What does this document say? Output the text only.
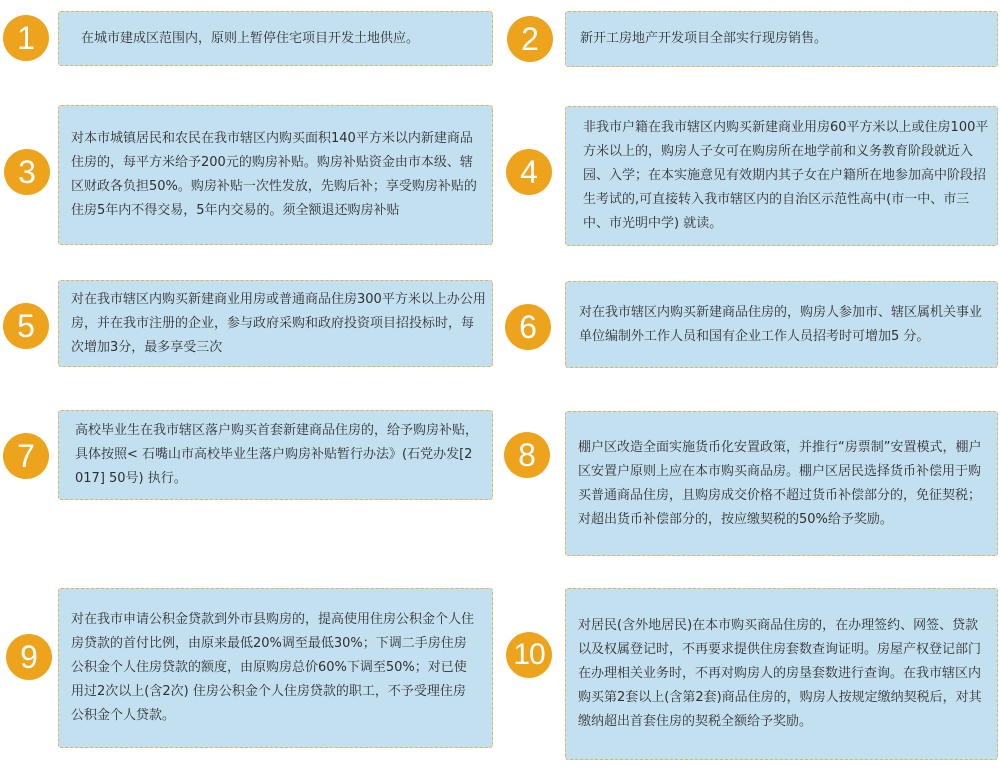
1	在城市建成区范围内，原则上暂停住宅项目开发土地供应。	2	新开工房地产开发项目全部实行现房销售。
3
对本市城镇居民和农民在我市辖区内购买面积140平方米以内新建商品住房的，每平方米给予200元的购房补贴。购房补贴资金由市本级、辖区财政各负担50%。购房补贴一次性发放，先购后补；享受购房补贴的住房5年内不得交易，5年内交易的。须全额退还购房补贴
4
非我市户籍在我市辖区内购买新建商业用房60平方米以上或住房100平方米以上的，购房人子女可在购房所在地学前和义务教育阶段就近入园、入学；在本实施意见有效期内其子女在户籍所在地参加高中阶段招生考试的,可直接转入我市辖区内的自治区示范性高中(市一中、市三中、市光明中学) 就读。
5
对在我市辖区内购买新建商业用房或普通商品住房300平方米以上办公用房，并在我市注册的企业，参与政府采购和政府投资项目招投标时，每次增加3分，最多享受三次
6	对在我市辖区内购买新建商品住房的，购房人参加市、辖区属机关事业单位编制外工作人员和国有企业工作人员招考时可增加5 分。
7
高校毕业生在我市辖区落户购买首套新建商品住房的，给予购房补贴，具体按照< 石嘴山市高校毕业生落户购房补贴暂行办法》(石党办发[2017] 50号) 执行。
8	棚户区改造全面实施货币化安置政策，并推行“房票制”安置模式，棚户区安置户原则上应在本市购买商品房。棚户区居民选择货币补偿用于购买普通商品住房，且购房成交价格不超过货币补偿部分的，免征契税；对超出货币补偿部分的，按应缴契税的50%给予奖励。
9
对在我市申请公积金贷款到外市县购房的，提高使用住房公积金个人住房贷款的首付比例，由原来最低20%调至最低30%；下调二手房住房公积金个人住房贷款的额度，由原购房总价60%下调至50%；对已使用过2次以上(含2次) 住房公积金个人住房贷款的职工，不予受理住房公积金个人贷款。
10
对居民(含外地居民)在本市购买商品住房的，在办理签约、网签、贷款以及权属登记时，不再要求提供住房套数查询证明。房屋产权登记部门在办理相关业务时，不再对购房人的房垦套数进行查询。在我市辖区内购买第2套以上(含第2套)商品住房的，购房人按规定缴纳契税后，对其缴纳超出首套住房的契税全额给予奖励。
